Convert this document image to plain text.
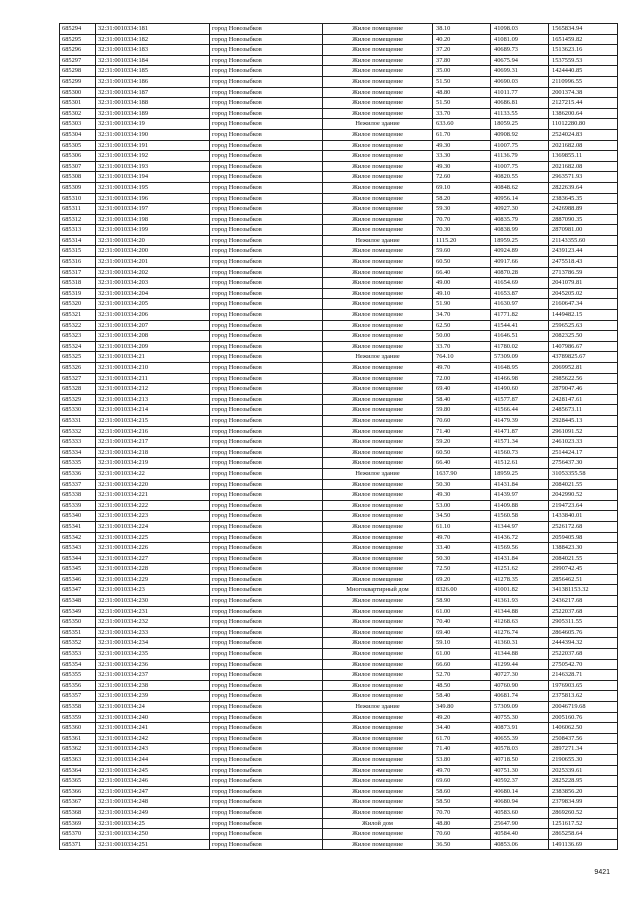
685294	32:31:0010334:181	город Новозыбков	Жилое помещение	38.10	41098.03	1565834.94
685295	32:31:0010334:182	город Новозыбков	Жилое помещение	40.20	41081.09	1651459.82
685296	32:31:0010334:183	город Новозыбков	Жилое помещение	37.20	40689.73	1513623.16
685297	32:31:0010334:184	город Новозыбков	Жилое помещение	37.80	40675.94	1537559.53
685298	32:31:0010334:185	город Новозыбков	Жилое помещение	35.00	40699.31	1424440.85
685299	32:31:0010334:186	город Новозыбков	Жилое помещение	51.50	40690.03	2110996.55
685300	32:31:0010334:187	город Новозыбков	Жилое помещение	48.80	41011.77	2001374.38
685301	32:31:0010334:188	город Новозыбков	Жилое помещение	51.50	40686.81	2127215.44
685302	32:31:0010334:189	город Новозыбков	Жилое помещение	33.70	41133.55	1386200.64
685303	32:31:0010334:19	город Новозыбков	Нежилое здание	633.60	18059.25	11012280.80
685304	32:31:0010334:190	город Новозыбков	Жилое помещение	61.70	40908.92	2524024.83
685305	32:31:0010334:191	город Новозыбков	Жилое помещение	49.30	41007.75	2021682.08
685306	32:31:0010334:192	город Новозыбков	Жилое помещение	33.30	41136.79	1369855.11
685307	32:31:0010334:193	город Новозыбков	Жилое помещение	49.30	41007.75	2021682.08
685308	32:31:0010334:194	город Новозыбков	Жилое помещение	72.60	40820.55	2963571.93
685309	32:31:0010334:195	город Новозыбков	Жилое помещение	69.10	40848.62	2822639.64
685310	32:31:0010334:196	город Новозыбков	Жилое помещение	58.20	40956.14	2383645.35
685311	32:31:0010334:197	город Новозыбков	Жилое помещение	59.30	40927.30	2426988.89
685312	32:31:0010334:198	город Новозыбков	Жилое помещение	70.70	40835.79	2887090.35
685313	32:31:0010334:199	город Новозыбков	Жилое помещение	70.30	40838.99	2870981.00
685314	32:31:0010334:20	город Новозыбков	Нежилое здание	1115.20	18959.25	21143355.60
685315	32:31:0010334:200	город Новозыбков	Жилое помещение	59.60	40924.89	2439123.44
685316	32:31:0010334:201	город Новозыбков	Жилое помещение	60.50	40917.66	2475518.43
685317	32:31:0010334:202	город Новозыбков	Жилое помещение	66.40	40870.28	2713786.59
685318	32:31:0010334:203	город Новозыбков	Жилое помещение	49.00	41654.69	2041079.81
685319	32:31:0010334:204	город Новозыбков	Жилое помещение	49.10	41653.87	2045205.02
685320	32:31:0010334:205	город Новозыбков	Жилое помещение	51.90	41630.97	2160647.34
685321	32:31:0010334:206	город Новозыбков	Жилое помещение	34.70	41771.82	1449482.15
685322	32:31:0010334:207	город Новозыбков	Жилое помещение	62.50	41544.41	2596525.63
685323	32:31:0010334:208	город Новозыбков	Жилое помещение	50.00	41646.51	2082325.50
685324	32:31:0010334:209	город Новозыбков	Жилое помещение	33.70	41780.02	1407986.67
685325	32:31:0010334:21	город Новозыбков	Нежилое здание	764.10	57309.09	43789825.67
685326	32:31:0010334:210	город Новозыбков	Жилое помещение	49.70	41648.95	2069952.81
685327	32:31:0010334:211	город Новозыбков	Жилое помещение	72.00	41466.98	2985622.56
685328	32:31:0010334:212	город Новозыбков	Жилое помещение	69.40	41490.60	2879047.46
685329	32:31:0010334:213	город Новозыбков	Жилое помещение	58.40	41577.87	2428147.61
685330	32:31:0010334:214	город Новозыбков	Жилое помещение	59.80	41566.44	2485673.11
685331	32:31:0010334:215	город Новозыбков	Жилое помещение	70.60	41479.39	2928445.13
685332	32:31:0010334:216	город Новозыбков	Жилое помещение	71.40	41471.87	2961091.52
685333	32:31:0010334:217	город Новозыбков	Жилое помещение	59.20	41571.34	2461023.33
685334	32:31:0010334:218	город Новозыбков	Жилое помещение	60.50	41560.73	2514424.17
685335	32:31:0010334:219	город Новозыбков	Жилое помещение	66.40	41512.61	2756437.30
685336	32:31:0010334:22	город Новозыбков	Нежилое здание	1637.90	18959.25	31053355.58
685337	32:31:0010334:220	город Новозыбков	Жилое помещение	50.30	41431.84	2084021.55
685338	32:31:0010334:221	город Новозыбков	Жилое помещение	49.30	41439.97	2042990.52
685339	32:31:0010334:222	город Новозыбков	Жилое помещение	53.00	41409.88	2194723.64
685340	32:31:0010334:223	город Новозыбков	Жилое помещение	34.50	41560.58	1433840.01
685341	32:31:0010334:224	город Новозыбков	Жилое помещение	61.10	41344.97	2526172.68
685342	32:31:0010334:225	город Новозыбков	Жилое помещение	49.70	41436.72	2059405.98
685343	32:31:0010334:226	город Новозыбков	Жилое помещение	33.40	41569.56	1388423.30
685344	32:31:0010334:227	город Новозыбков	Жилое помещение	50.30	41431.84	2084021.55
685345	32:31:0010334:228	город Новозыбков	Жилое помещение	72.50	41251.62	2990742.45
685346	32:31:0010334:229	город Новозыбков	Жилое помещение	69.20	41278.35	2856462.51
685347	32:31:0010334:23	город Новозыбков	Многоквартирный дом	8326.00	41001.82	341381153.32
685348	32:31:0010334:230	город Новозыбков	Жилое помещение	58.90	41361.93	2436217.68
685349	32:31:0010334:231	город Новозыбков	Жилое помещение	61.00	41344.88	2522037.68
685350	32:31:0010334:232	город Новозыбков	Жилое помещение	70.40	41268.63	2905311.55
685351	32:31:0010334:233	город Новозыбков	Жилое помещение	69.40	41276.74	2864605.76
685352	32:31:0010334:234	город Новозыбков	Жилое помещение	59.10	41360.31	2444394.32
685353	32:31:0010334:235	город Новозыбков	Жилое помещение	61.00	41344.88	2522037.68
685354	32:31:0010334:236	город Новозыбков	Жилое помещение	66.60	41299.44	2750542.70
685355	32:31:0010334:237	город Новозыбков	Жилое помещение	52.70	40727.30	2146328.71
685356	32:31:0010334:238	город Новозыбков	Жилое помещение	48.50	40760.90	1976903.65
685357	32:31:0010334:239	город Новозыбков	Жилое помещение	58.40	40681.74	2375813.62
685358	32:31:0010334:24	город Новозыбков	Нежилое здание	349.80	57309.09	20046719.68
685359	32:31:0010334:240	город Новозыбков	Жилое помещение	49.20	40755.30	2005160.76
685360	32:31:0010334:241	город Новозыбков	Жилое помещение	34.40	40873.91	1406062.50
685361	32:31:0010334:242	город Новозыбков	Жилое помещение	61.70	40655.39	2508437.56
685362	32:31:0010334:243	город Новозыбков	Жилое помещение	71.40	40578.03	2897271.34
685363	32:31:0010334:244	город Новозыбков	Жилое помещение	53.80	40718.50	2190655.30
685364	32:31:0010334:245	город Новозыбков	Жилое помещение	49.70	40751.30	2025339.61
685365	32:31:0010334:246	город Новозыбков	Жилое помещение	69.60	40592.37	2825228.95
685366	32:31:0010334:247	город Новозыбков	Жилое помещение	58.60	40680.14	2383856.20
685367	32:31:0010334:248	город Новозыбков	Жилое помещение	58.50	40680.94	2379834.99
685368	32:31:0010334:249	город Новозыбков	Жилое помещение	70.70	40583.60	2869260.52
685369	32:31:0010334:25	город Новозыбков	Жилой дом	48.80	25647.90	1251617.52
685370	32:31:0010334:250	город Новозыбков	Жилое помещение	70.60	40584.40	2865258.64
685371	32:31:0010334:251	город Новозыбков	Жилое помещение	36.50	40853.06	1491136.69
9421
